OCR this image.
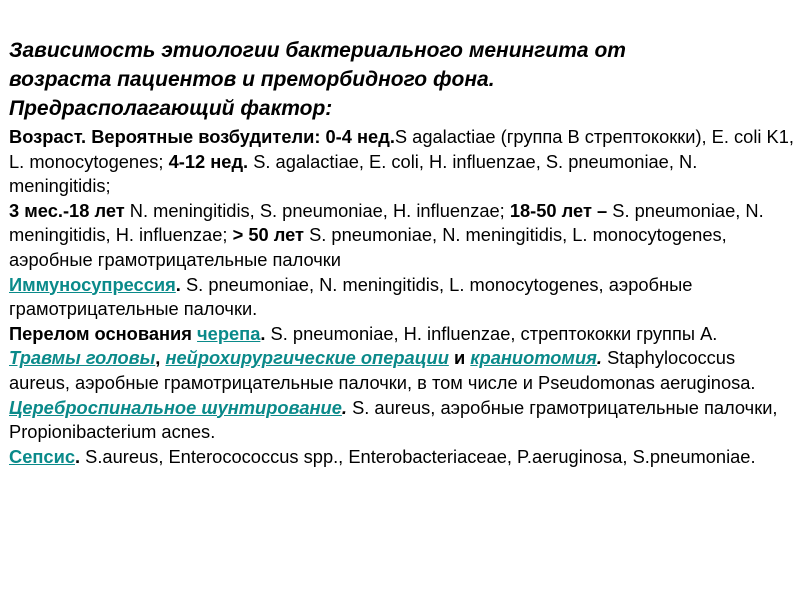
Зависимость этиологии бактериального менингита от
возраста пациентов и преморбидного фона.
Предрасполагающий фактор:
Возраст. Вероятные возбудители: 0-4 нед.S agalactiae (группа В стрептококки), E. coli K1, L. monocytogenes; 4-12 нед. S. agalactiae, E. coli, H. influenzae, S. pneumoniae, N. meningitidis;
3 мес.-18 лет N. meningitidis, S. pneumoniae, H. influenzae; 18-50 лет – S. pneumoniae, N. meningitidis, H. influenzae; > 50 лет S. pneumoniae, N. meningitidis, L. monocytogenes, аэробные грамотрицательные палочки
Иммуносупрессия. S. pneumoniae, N. meningitidis, L. monocytogenes, аэробные грамотрицательные палочки.
Перелом основания черепа. S. pneumoniae, H. influenzae, стрептококки группы А.
Травмы головы, нейрохирургические операции и краниотомия. Staphylococcus aureus, аэробные грамотрицательные палочки, в том числе и Pseudomonas aeruginosa.
Цереброспинальное шунтирование. S. aureus, аэробные грамотрицательные палочки, Propionibacterium acnes.
Сепсис. S.aureus, Enterocococcus spp., Enterobacteriaceae, P.aeruginosa, S.pneumoniae.
